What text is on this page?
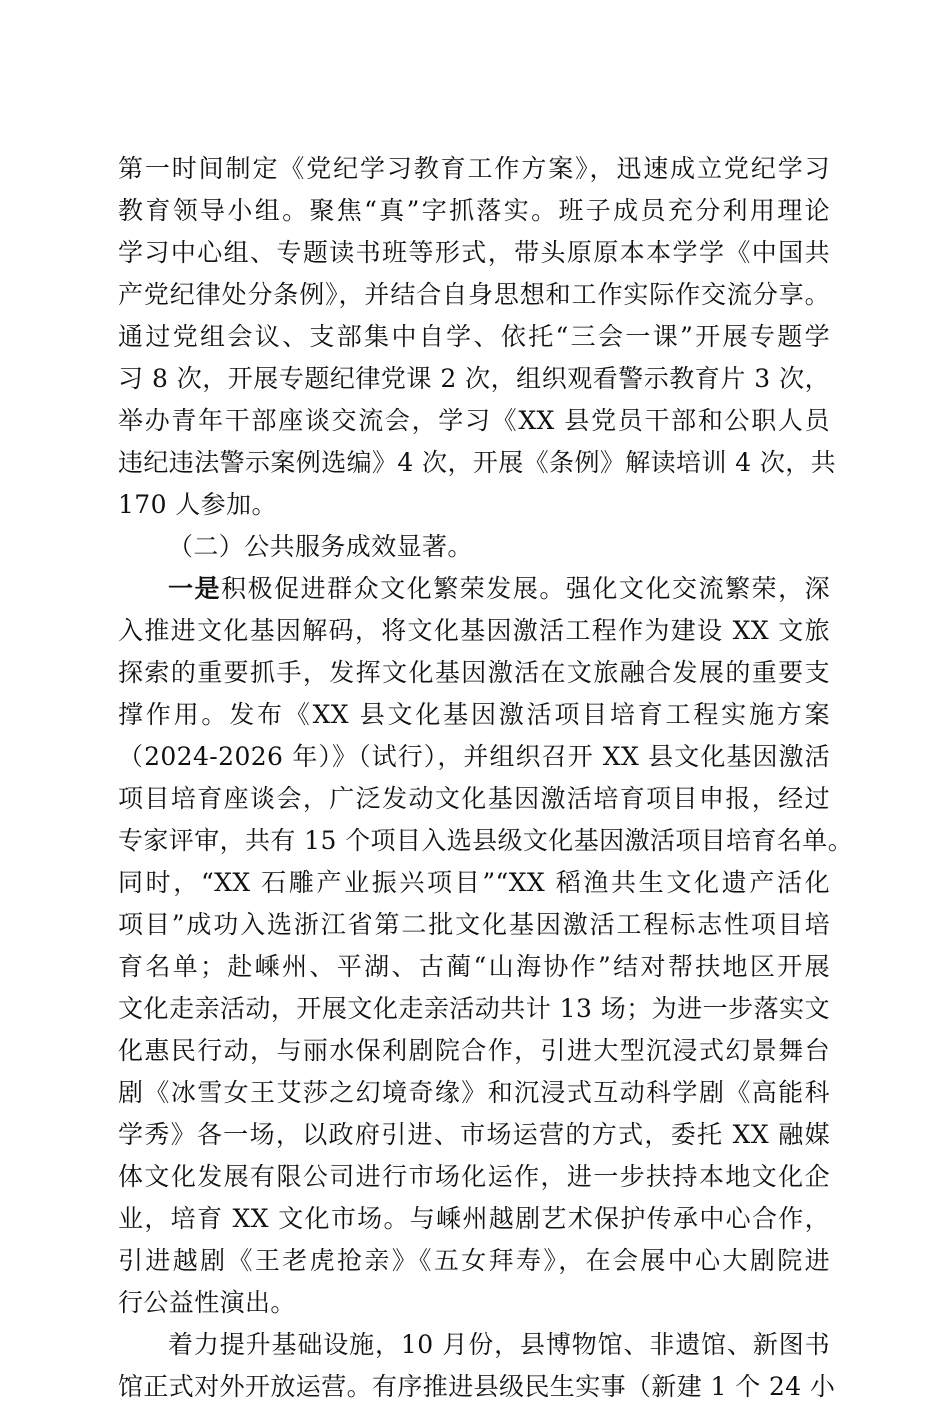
第一时间制定《党纪学习教育工作方案》，迅速成立党纪学习
教育领导小组。聚焦“真”字抓落实。班子成员充分利用理论
学习中心组、专题读书班等形式，带头原原本本学学《中国共
产党纪律处分条例》，并结合自身思想和工作实际作交流分享。
通过党组会议、支部集中自学、依托“三会一课”开展专题学
习 8 次，开展专题纪律党课 2 次，组织观看警示教育片 3 次，
举办青年干部座谈交流会，学习《XX 县党员干部和公职人员
违纪违法警示案例选编》4 次，开展《条例》解读培训 4 次，共
170 人参加。
（二）公共服务成效显著。
一是积极促进群众文化繁荣发展。强化文化交流繁荣，深
入推进文化基因解码，将文化基因激活工程作为建设 XX 文旅
探索的重要抓手，发挥文化基因激活在文旅融合发展的重要支
撑作用。发布《XX 县文化基因激活项目培育工程实施方案
（2024-2026 年）》（试行），并组织召开 XX 县文化基因激活
项目培育座谈会，广泛发动文化基因激活培育项目申报，经过
专家评审，共有 15 个项目入选县级文化基因激活项目培育名单。
同时，“XX 石雕产业振兴项目”“XX 稻渔共生文化遗产活化
项目”成功入选浙江省第二批文化基因激活工程标志性项目培
育名单；赴嵊州、平湖、古蔺“山海协作”结对帮扶地区开展
文化走亲活动，开展文化走亲活动共计 13 场；为进一步落实文
化惠民行动，与丽水保利剧院合作，引进大型沉浸式幻景舞台
剧《冰雪女王艾莎之幻境奇缘》和沉浸式互动科学剧《高能科
学秀》各一场，以政府引进、市场运营的方式，委托 XX 融媒
体文化发展有限公司进行市场化运作，进一步扶持本地文化企
业，培育 XX 文化市场。与嵊州越剧艺术保护传承中心合作，
引进越剧《王老虎抢亲》《五女拜寿》，在会展中心大剧院进
行公益性演出。
着力提升基础设施，10 月份，县博物馆、非遗馆、新图书
馆正式对外开放运营。有序推进县级民生实事（新建 1 个 24 小
